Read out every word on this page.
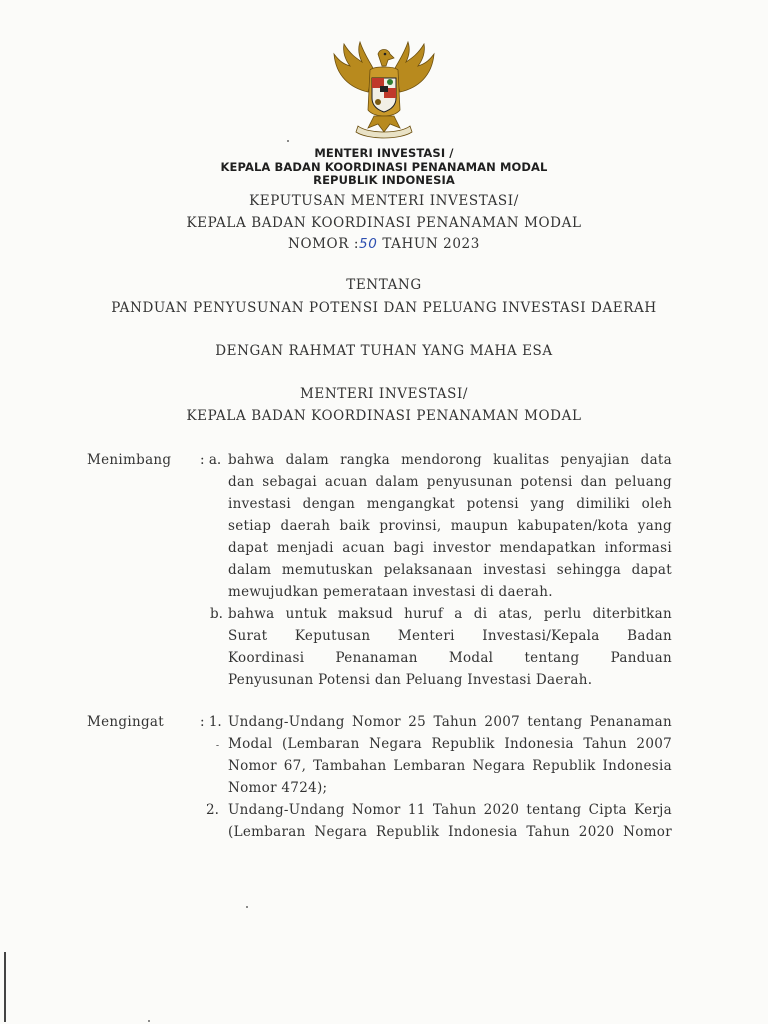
MENTERI INVESTASI /
KEPALA BADAN KOORDINASI PENANAMAN MODAL
REPUBLIK INDONESIA
KEPUTUSAN MENTERI INVESTASI/
KEPALA BADAN KOORDINASI PENANAMAN MODAL
NOMOR :50 TAHUN 2023
TENTANG
PANDUAN PENYUSUNAN POTENSI DAN PELUANG INVESTASI DAERAH
DENGAN RAHMAT TUHAN YANG MAHA ESA
MENTERI INVESTASI/
KEPALA BADAN KOORDINASI PENANAMAN MODAL
Menimbang : a. bahwa dalam rangka mendorong kualitas penyajian data
dan sebagai acuan dalam penyusunan potensi dan peluang
investasi dengan mengangkat potensi yang dimiliki oleh
setiap daerah baik provinsi, maupun kabupaten/kota yang
dapat menjadi acuan bagi investor mendapatkan informasi
dalam memutuskan pelaksanaan investasi sehingga dapat
mewujudkan pemerataan investasi di daerah.
b. bahwa untuk maksud huruf a di atas, perlu diterbitkan
Surat Keputusan Menteri Investasi/Kepala Badan
Koordinasi Penanaman Modal tentang Panduan
Penyusunan Potensi dan Peluang Investasi Daerah.
Mengingat	: 1. Undang-Undang Nomor 25 Tahun 2007 tentang Penanaman
Modal (Lembaran Negara Republik Indonesia Tahun 2007
Nomor 67, Tambahan Lembaran Negara Republik Indonesia
Nomor 4724);
2. Undang-Undang Nomor 11 Tahun 2020 tentang Cipta Kerja
(Lembaran Negara Republik Indonesia Tahun 2020 Nomor
